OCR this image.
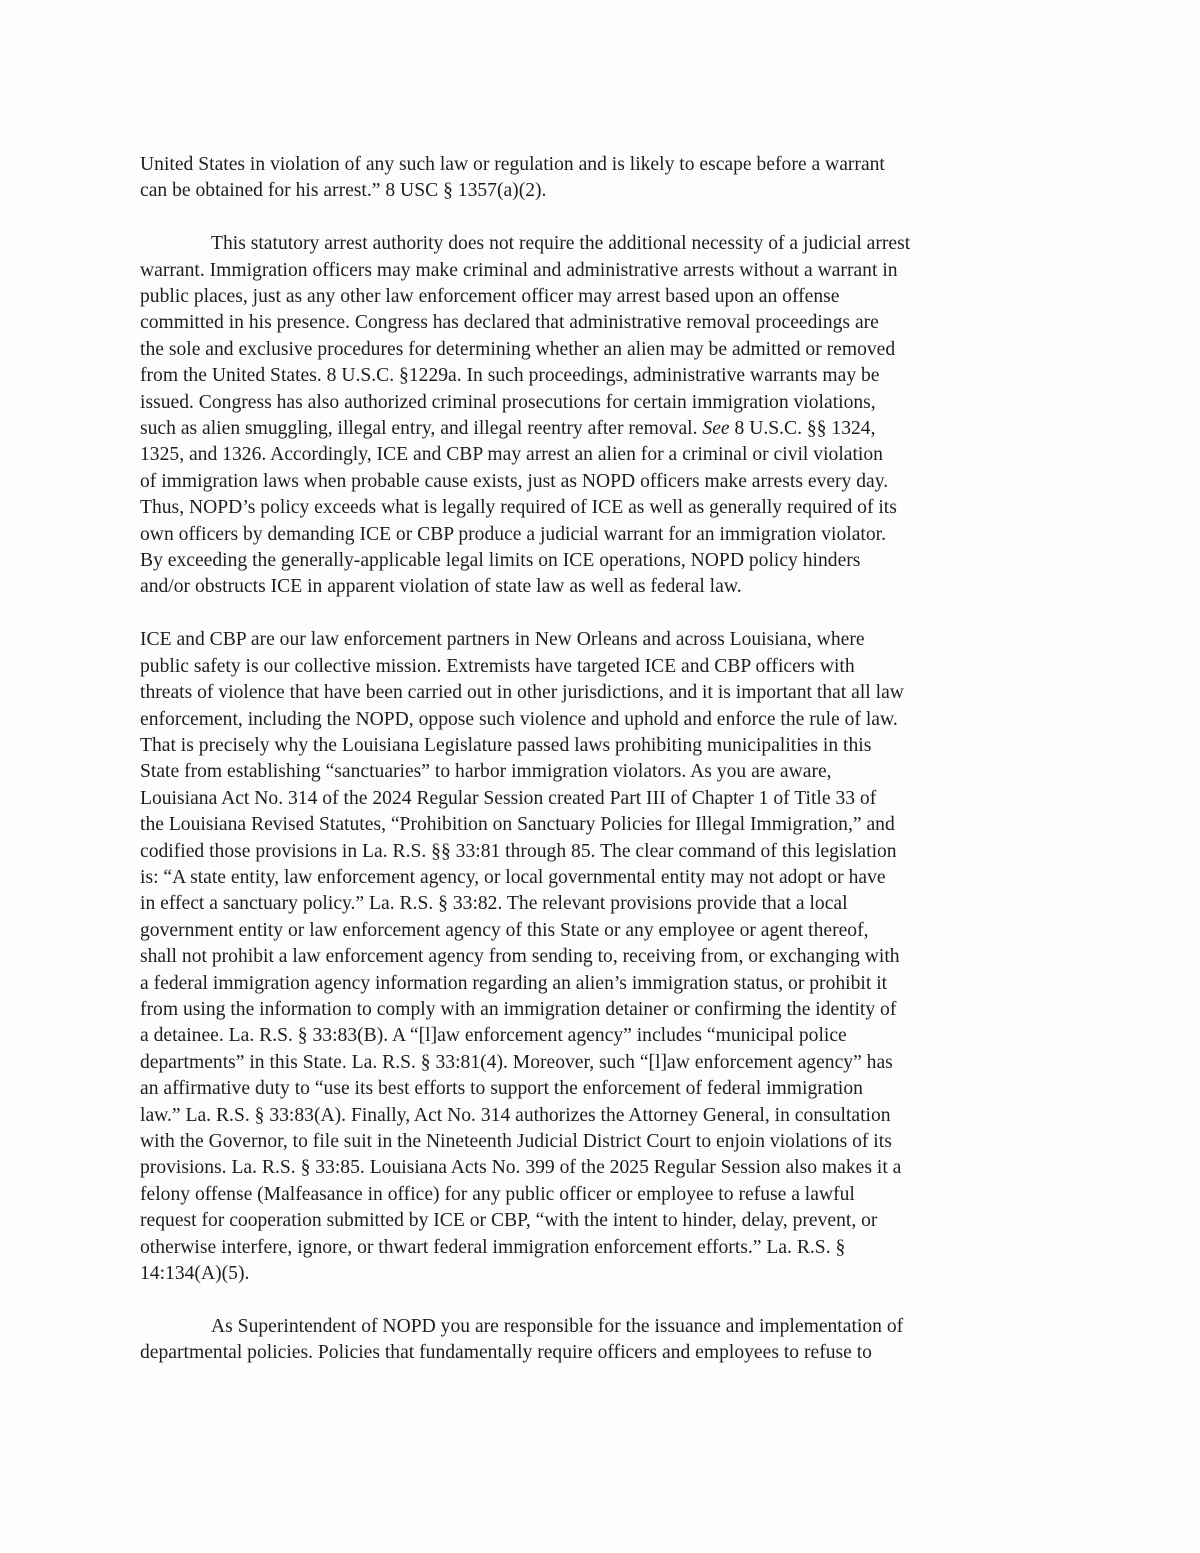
United States in violation of any such law or regulation and is likely to escape before a warrant
can be obtained for his arrest.” 8 USC § 1357(a)(2).

This statutory arrest authority does not require the additional necessity of a judicial arrest
warrant. Immigration officers may make criminal and administrative arrests without a warrant in
public places, just as any other law enforcement officer may arrest based upon an offense
committed in his presence. Congress has declared that administrative removal proceedings are
the sole and exclusive procedures for determining whether an alien may be admitted or removed
from the United States. 8 U.S.C. §1229a. In such proceedings, administrative warrants may be
issued. Congress has also authorized criminal prosecutions for certain immigration violations,
such as alien smuggling, illegal entry, and illegal reentry after removal. See 8 U.S.C. §§ 1324,
1325, and 1326. Accordingly, ICE and CBP may arrest an alien for a criminal or civil violation
of immigration laws when probable cause exists, just as NOPD officers make arrests every day.
Thus, NOPD’s policy exceeds what is legally required of ICE as well as generally required of its
own officers by demanding ICE or CBP produce a judicial warrant for an immigration violator.
By exceeding the generally-applicable legal limits on ICE operations, NOPD policy hinders
and/or obstructs ICE in apparent violation of state law as well as federal law.

ICE and CBP are our law enforcement partners in New Orleans and across Louisiana, where
public safety is our collective mission. Extremists have targeted ICE and CBP officers with
threats of violence that have been carried out in other jurisdictions, and it is important that all law
enforcement, including the NOPD, oppose such violence and uphold and enforce the rule of law.
That is precisely why the Louisiana Legislature passed laws prohibiting municipalities in this
State from establishing “sanctuaries” to harbor immigration violators. As you are aware,
Louisiana Act No. 314 of the 2024 Regular Session created Part III of Chapter 1 of Title 33 of
the Louisiana Revised Statutes, “Prohibition on Sanctuary Policies for Illegal Immigration,” and
codified those provisions in La. R.S. §§ 33:81 through 85. The clear command of this legislation
is: “A state entity, law enforcement agency, or local governmental entity may not adopt or have
in effect a sanctuary policy.” La. R.S. § 33:82. The relevant provisions provide that a local
government entity or law enforcement agency of this State or any employee or agent thereof,
shall not prohibit a law enforcement agency from sending to, receiving from, or exchanging with
a federal immigration agency information regarding an alien’s immigration status, or prohibit it
from using the information to comply with an immigration detainer or confirming the identity of
a detainee. La. R.S. § 33:83(B). A “[l]aw enforcement agency” includes “municipal police
departments” in this State. La. R.S. § 33:81(4). Moreover, such “[l]aw enforcement agency” has
an affirmative duty to “use its best efforts to support the enforcement of federal immigration
law.” La. R.S. § 33:83(A). Finally, Act No. 314 authorizes the Attorney General, in consultation
with the Governor, to file suit in the Nineteenth Judicial District Court to enjoin violations of its
provisions. La. R.S. § 33:85. Louisiana Acts No. 399 of the 2025 Regular Session also makes it a
felony offense (Malfeasance in office) for any public officer or employee to refuse a lawful
request for cooperation submitted by ICE or CBP, “with the intent to hinder, delay, prevent, or
otherwise interfere, ignore, or thwart federal immigration enforcement efforts.” La. R.S. §
14:134(A)(5).

As Superintendent of NOPD you are responsible for the issuance and implementation of
departmental policies. Policies that fundamentally require officers and employees to refuse to
